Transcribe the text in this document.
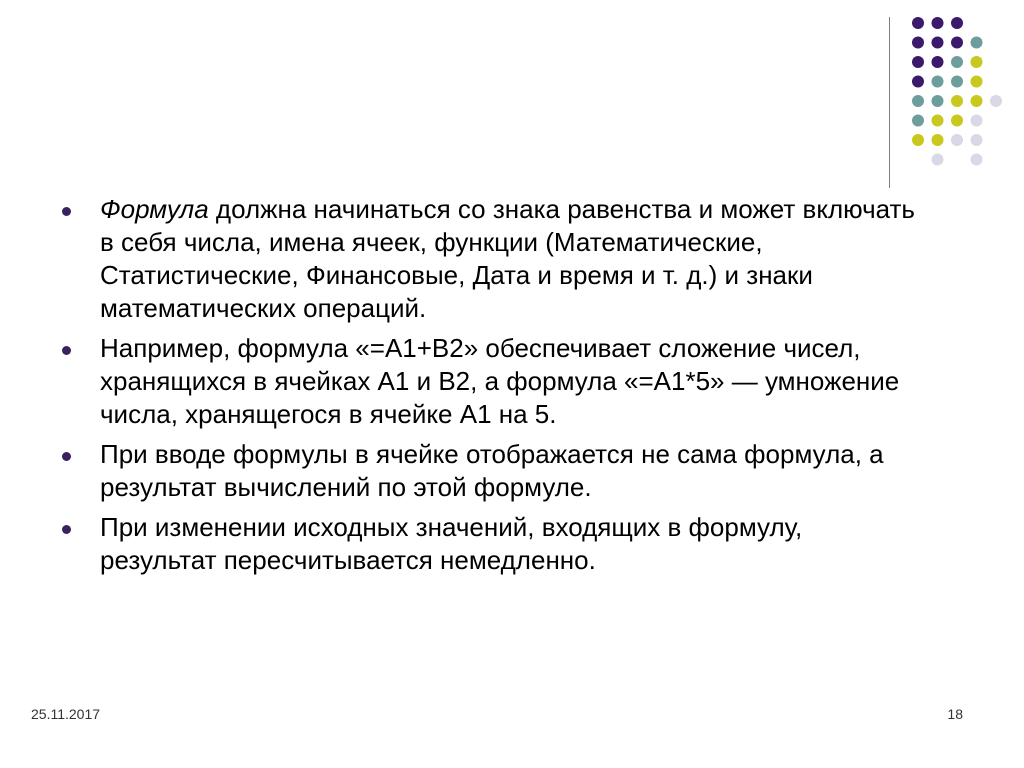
Формула должна начинаться со знака равенства и может включать в себя числа, имена ячеек, функции (Математические, Статистические, Финансовые, Дата и время и т. д.) и знаки математических операций.
Например, формула «=А1+В2» обеспечивает сложение чисел, хранящихся в ячейках А1 и В2, а формула «=А1*5» — умножение числа, хранящегося в ячейке А1 на 5.
При вводе формулы в ячейке отображается не сама формула, а результат вычислений по этой формуле.
При изменении исходных значений, входящих в формулу, результат пересчитывается немедленно.
25.11.2017	18
